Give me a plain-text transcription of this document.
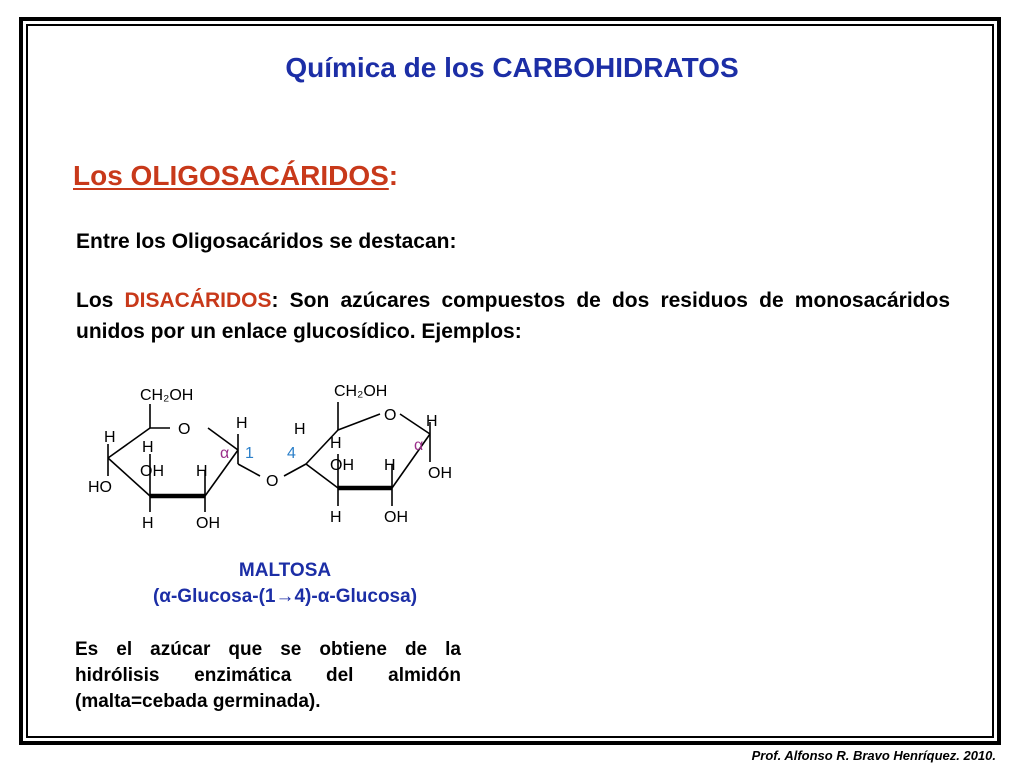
Química de los CARBOHIDRATOS
Los OLIGOSACÁRIDOS:
Entre los Oligosacáridos se destacan:
Los DISACÁRIDOS: Son azúcares compuestos de dos residuos de monosacáridos unidos por un enlace glucosídico. Ejemplos:
CH₂OH
O	H
H
H
OH H
HO
H	OH
O
CH₂OH
O H
H
H
OH H OH
H	OH
α 1 4	α
MALTOSA
(α-Glucosa-(1→4)-α-Glucosa)
Es el azúcar que se obtiene de la hidrólisis enzimática del almidón (malta=cebada germinada).
Prof. Alfonso R. Bravo Henríquez. 2010.
